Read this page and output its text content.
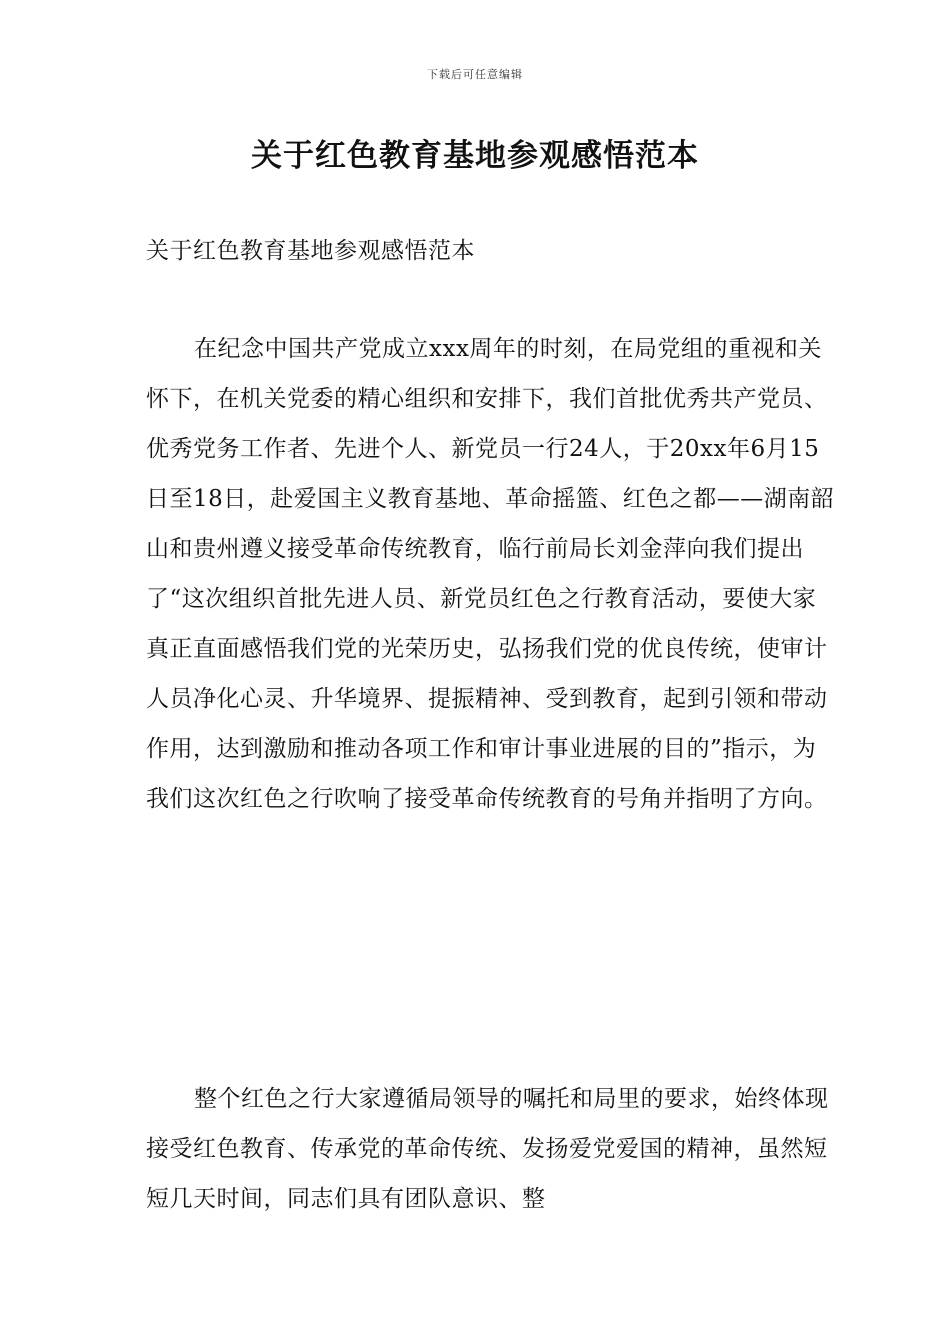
下载后可任意编辑
关于红色教育基地参观感悟范本
关于红色教育基地参观感悟范本

在纪念中国共产党成立xxx周年的时刻，在局党组的重视和关怀下，在机关党委的精心组织和安排下，我们首批优秀共产党员、优秀党务工作者、先进个人、新党员一行24人，于20xx年6月15日至18日，赴爱国主义教育基地、革命摇篮、红色之都——湖南韶山和贵州遵义接受革命传统教育，临行前局长刘金萍向我们提出了“这次组织首批先进人员、新党员红色之行教育活动，要使大家真正直面感悟我们党的光荣历史，弘扬我们党的优良传统，使审计人员净化心灵、升华境界、提振精神、受到教育，起到引领和带动作用，达到激励和推动各项工作和审计事业进展的目的”指示，为我们这次红色之行吹响了接受革命传统教育的号角并指明了方向。

整个红色之行大家遵循局领导的嘱托和局里的要求，始终体现接受红色教育、传承党的革命传统、发扬爱党爱国的精神，虽然短短几天时间，同志们具有团队意识、整
